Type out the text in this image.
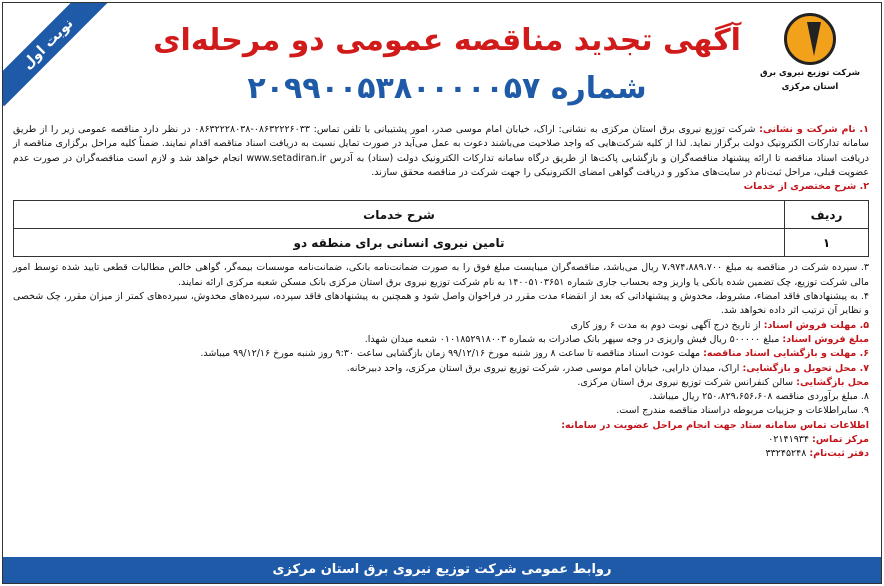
نوبت اول
شرکت توزیع نیروی برق
استان مرکزی
آگهی تجدید مناقصه عمومی دو مرحله‌ای
شماره ۲۰۹۹۰۰۵۳۸۰۰۰۰۰۵۷

۱. نام شرکت و نشانی: شرکت توزیع نیروی برق استان مرکزی به نشانی: اراک، خیابان امام موسی صدر، امور پشتیبانی با تلفن تماس: ۰۸۶۳۲۲۲۶۰۳۳-۰۸۶۳۲۲۲۸۰۳۸ در نظر دارد مناقصه عمومی زیر را از طریق سامانه تدارکات الکترونیک دولت برگزار نماید. لذا از کلیه شرکت‌هایی که واجد صلاحیت می‌باشند دعوت به عمل می‌آید در صورت تمایل نسبت به دریافت اسناد مناقصه اقدام نمایند. ضمناً کلیه مراحل برگزاری مناقصه از دریافت اسناد مناقصه تا ارائه پیشنهاد مناقصه‌گران و بازگشایی پاکت‌ها از طریق درگاه سامانه تدارکات الکترونیک دولت (ستاد) به آدرس www.setadiran.ir انجام خواهد شد و لازم است مناقصه‌گران در صورت عدم عضویت قبلی، مراحل ثبت‌نام در سایت‌های مذکور و دریافت گواهی امضای الکترونیکی را جهت شرکت در مناقصه محقق سازند.

۲. شرح مختصری از خدمات

ردیف	شرح خدمات
۱	تامین نیروی انسانی برای منطقه دو

۳. سپرده شرکت در مناقصه به مبلغ ۷،۹۷۴،۸۸۹،۷۰۰ ریال می‌باشد، مناقصه‌گران میبایست مبلغ فوق را به صورت ضمانت‌نامه بانکی، ضمانت‌نامه موسسات بیمه‌گر، گواهی خالص مطالبات قطعی تایید شده توسط امور مالی شرکت توزیع، چک تضمین شده بانکی یا واریز وجه بحساب جاری شماره ۱۴۰۰۵۱۰۳۶۵۱ به نام شرکت توزیع نیروی برق استان مرکزی بانک مسکن شعبه مرکزی ارائه نمایند.

۴. به پیشنهادهای فاقد امضاء، مشروط، مخدوش و پیشنهاداتی که بعد از انقضاء مدت مقرر در فراخوان واصل شود و همچنین به پیشنهادهای فاقد سپرده، سپرده‌های مخدوش، سپرده‌های کمتر از میزان مقرر، چک شخصی و نظایر آن ترتیب اثر داده نخواهد شد.

۵. مهلت فروش اسناد: از تاریخ درج آگهی نوبت دوم به مدت ۶ روز کاری

مبلغ فروش اسناد: مبلغ ۵۰۰۰۰۰ ریال فیش واریزی در وجه سپهر بانک صادرات به شماره ۰۱۰۱۸۵۲۹۱۸۰۰۳ شعبه میدان شهدا.

۶. مهلت و بازگشایی اسناد مناقصه: مهلت عودت اسناد مناقصه تا ساعت ۸ روز شنبه مورخ ۹۹/۱۲/۱۶ زمان بازگشایی ساعت ۹:۳۰ روز شنبه مورخ ۹۹/۱۲/۱۶ میباشد.

۷. محل تحویل و بازگشایی: اراک، میدان دارایی، خیابان امام موسی صدر، شرکت توزیع نیروی برق استان مرکزی، واحد دبیرخانه.

محل بازگشایی: سالن کنفرانس شرکت توزیع نیروی برق استان مرکزی.

۸. مبلغ برآوردی مناقصه ۲۵۰،۸۲۹،۶۵۶،۶۰۸ ریال میباشد.

۹. سایراطلاعات و جزییات مربوطه دراسناد مناقصه مندرج است.

اطلاعات تماس سامانه ستاد جهت انجام مراحل عضویت در سامانه:

مرکز تماس: ۰۲۱۴۱۹۳۴

دفتر ثبت‌نام: ۳۳۲۴۵۲۴۸

روابط عمومی شرکت توزیع نیروی برق استان مرکزی
